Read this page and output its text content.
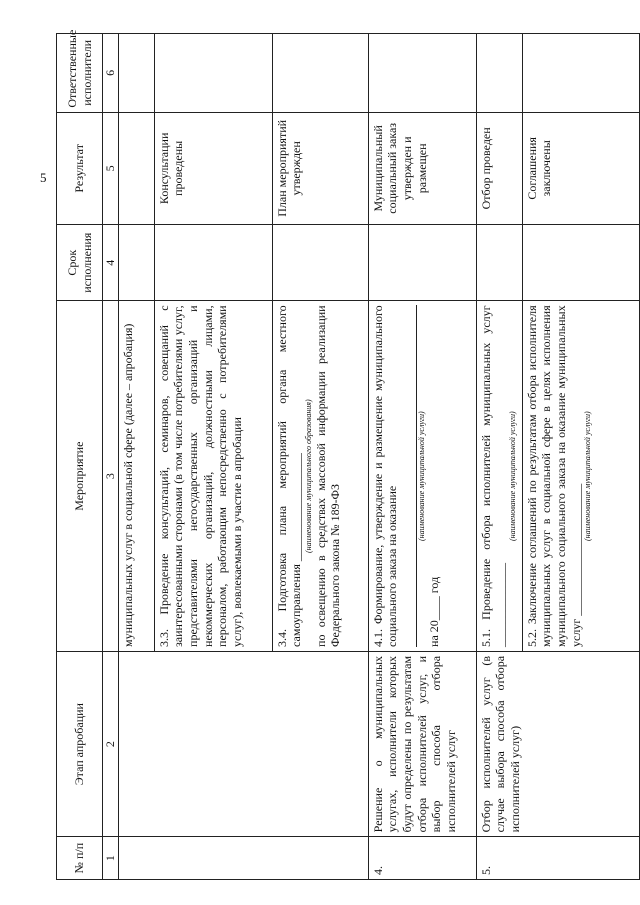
5
№ п/п	Этап апробации	Мероприятие	Срок исполнения	Результат	Ответственные исполнители
1	2	3	4	5	6
		муниципальных услуг в социальной сфере (далее – апробация)			
		3.3. Проведение консультаций, семинаров, совещаний с заинтересованными сторонами (в том числе потребителями услуг, представителями негосударственных организаций и некоммерческих организаций, должностными лицами, персоналом, работающим непосредственно с потребителями услуг), вовлекаемыми в участие в апробации		Консультации проведены	
		3.4. Подготовка плана мероприятий органа местного самоуправления __________________ (наименование муниципального образования) по освещению в средствах массовой информации реализации Федерального закона № 189-ФЗ		План мероприятий утвержден	
4.	Решение о муниципальных услугах, исполнители которых будут определены по результатам отбора исполнителей услуг, и выбор способа отбора исполнителей услуг	4.1. Формирование, утверждение и размещение муниципального социального заказа на оказание
(наименование муниципальной услуги)
на 20____ год		Муниципальный социальный заказ утвержден и размещен	
5.	Отбор исполнителей услуг (в случае выбора способа отбора исполнителей услуг)	5.1. Проведение отбора исполнителей муниципальных услуг ______________
(наименование муниципальной услуги)		Отбор проведен	
		5.2. Заключение соглашений по результатам отбора исполнителя муниципальных услуг в социальной сфере в целях исполнения муниципального социального заказа на оказание муниципальных услуг ______________________
(наименование муниципальной услуги)		Соглашения заключены	
